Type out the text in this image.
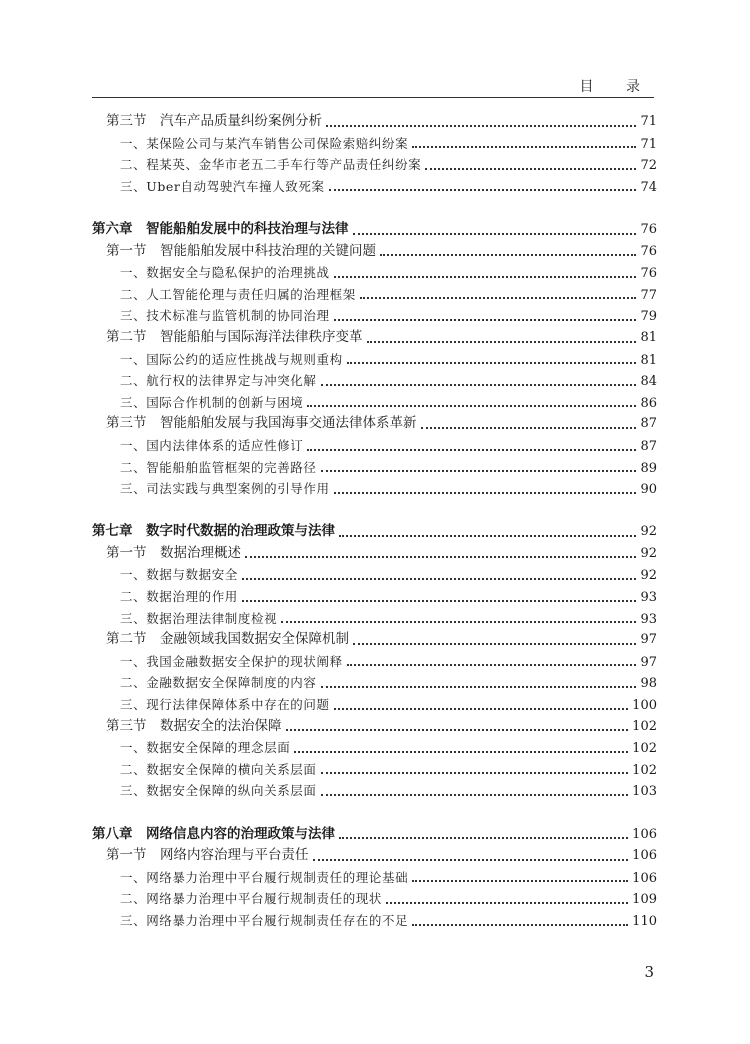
目 录
第三节　汽车产品质量纠纷案例分析	71
一、某保险公司与某汽车销售公司保险索赔纠纷案	71
二、程某英、金华市老五二手车行等产品责任纠纷案	72
三、Uber自动驾驶汽车撞人致死案	74
第六章　智能船舶发展中的科技治理与法律	76
第一节　智能船舶发展中科技治理的关键问题	76
一、数据安全与隐私保护的治理挑战	76
二、人工智能伦理与责任归属的治理框架	77
三、技术标准与监管机制的协同治理	79
第二节　智能船舶与国际海洋法律秩序变革	81
一、国际公约的适应性挑战与规则重构	81
二、航行权的法律界定与冲突化解	84
三、国际合作机制的创新与困境	86
第三节　智能船舶发展与我国海事交通法律体系革新	87
一、国内法律体系的适应性修订	87
二、智能船舶监管框架的完善路径	89
三、司法实践与典型案例的引导作用	90
第七章　数字时代数据的治理政策与法律	92
第一节　数据治理概述	92
一、数据与数据安全	92
二、数据治理的作用	93
三、数据治理法律制度检视	93
第二节　金融领域我国数据安全保障机制	97
一、我国金融数据安全保护的现状阐释	97
二、金融数据安全保障制度的内容	98
三、现行法律保障体系中存在的问题	100
第三节　数据安全的法治保障	102
一、数据安全保障的理念层面	102
二、数据安全保障的横向关系层面	102
三、数据安全保障的纵向关系层面	103
第八章　网络信息内容的治理政策与法律	106
第一节　网络内容治理与平台责任	106
一、网络暴力治理中平台履行规制责任的理论基础	106
二、网络暴力治理中平台履行规制责任的现状	109
三、网络暴力治理中平台履行规制责任存在的不足	110
3
